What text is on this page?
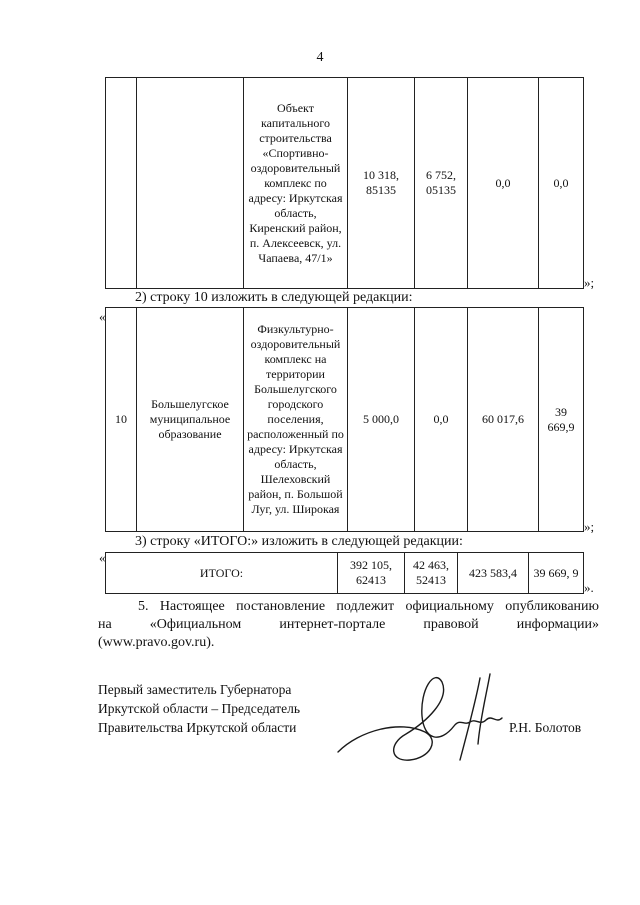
4
		Объект капитального строительства «Спортивно-оздоровительный комплекс по адресу: Иркутская область, Киренский район, п. Алексеевск, ул. Чапаева, 47/1»	10 318, 85135	6 752, 05135	0,0	0,0
»;
2) строку 10 изложить в следующей редакции:
«
10	Большелугское муниципальное образование	Физкультурно-оздоровительный комплекс на территории Большелугского городского поселения, расположенный по адресу: Иркутская область, Шелеховский район, п. Большой Луг, ул. Широкая	5 000,0	0,0	60 017,6	39 669,9
»;
3) строку «ИТОГО:» изложить в следующей редакции:
«
ИТОГО:	392 105, 62413	42 463, 52413	423 583,4	39 669, 9
».
5. Настоящее постановление подлежит официальному опубликованию
на «Официальном интернет-портале правовой информации»
(www.pravo.gov.ru).
Первый заместитель Губернатора
Иркутской области – Председатель
Правительства Иркутской области	Р.Н. Болотов
